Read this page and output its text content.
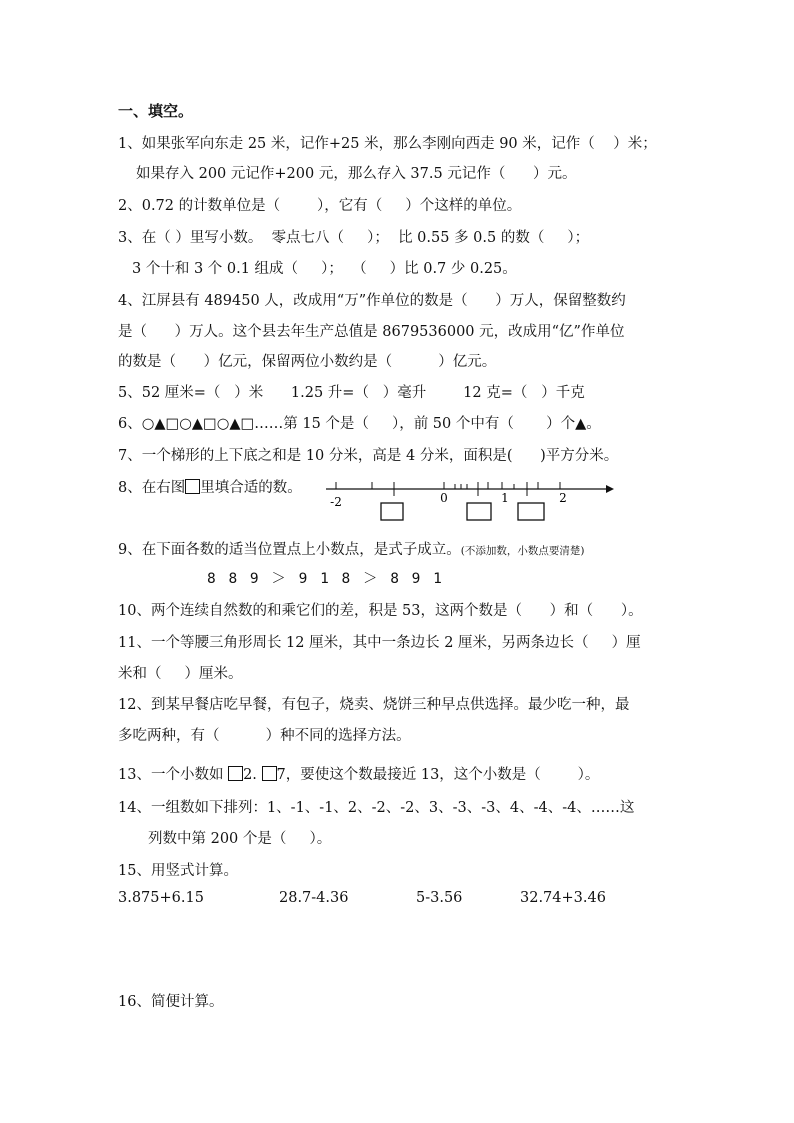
一、填空。
1、如果张军向东走 25 米，记作+25 米，那么李刚向西走 90 米，记作（    ）米；
如果存入 200 元记作+200 元，那么存入 37.5 元记作（      ）元。
2、0.72 的计数单位是（        ），它有（     ）个这样的单位。
3、在（ ）里写小数。  零点七八（     ）；  比 0.55 多 0.5 的数（     ）；
3 个十和 3 个 0.1 组成（     ）；  （     ）比 0.7 少 0.25。
4、江屏县有 489450 人，改成用“万”作单位的数是（      ）万人，保留整数约
是（      ）万人。这个县去年生产总值是 8679536000 元，改成用“亿”作单位
的数是（      ）亿元，保留两位小数约是（          ）亿元。
5、52 厘米=（   ）米      1.25 升=（   ）毫升        12 克=（   ）千克
6、○▲□○▲□○▲□……第 15 个是（     ），前 50 个中有（       ）个▲。
7、一个梯形的上下底之和是 10 分米，高是 4 分米，面积是(      )平方分米。
8、在右图 里填合适的数。
-2	0	1	2
9、在下面各数的适当位置点上小数点，是式子成立。(不添加数，小数点要清楚)
8 8 9 ＞ 9 1 8 ＞ 8 9 1
10、两个连续自然数的和乘它们的差，积是 53，这两个数是（      ）和（      ）。
11、一个等腰三角形周长 12 厘米，其中一条边长 2 厘米，另两条边长（     ）厘
米和（     ）厘米。
12、到某早餐店吃早餐，有包子，烧卖、烧饼三种早点供选择。最少吃一种，最
多吃两种，有（          ）种不同的选择方法。
13、一个小数如 2. 7，要使这个数最接近 13，这个小数是（        ）。
14、一组数如下排列：1、-1、-1、2、-2、-2、3、-3、-3、4、-4、-4、……这
列数中第 200 个是（     ）。
15、用竖式计算。
3.875+6.15	28.7-4.36	5-3.56	32.74+3.46
16、简便计算。
